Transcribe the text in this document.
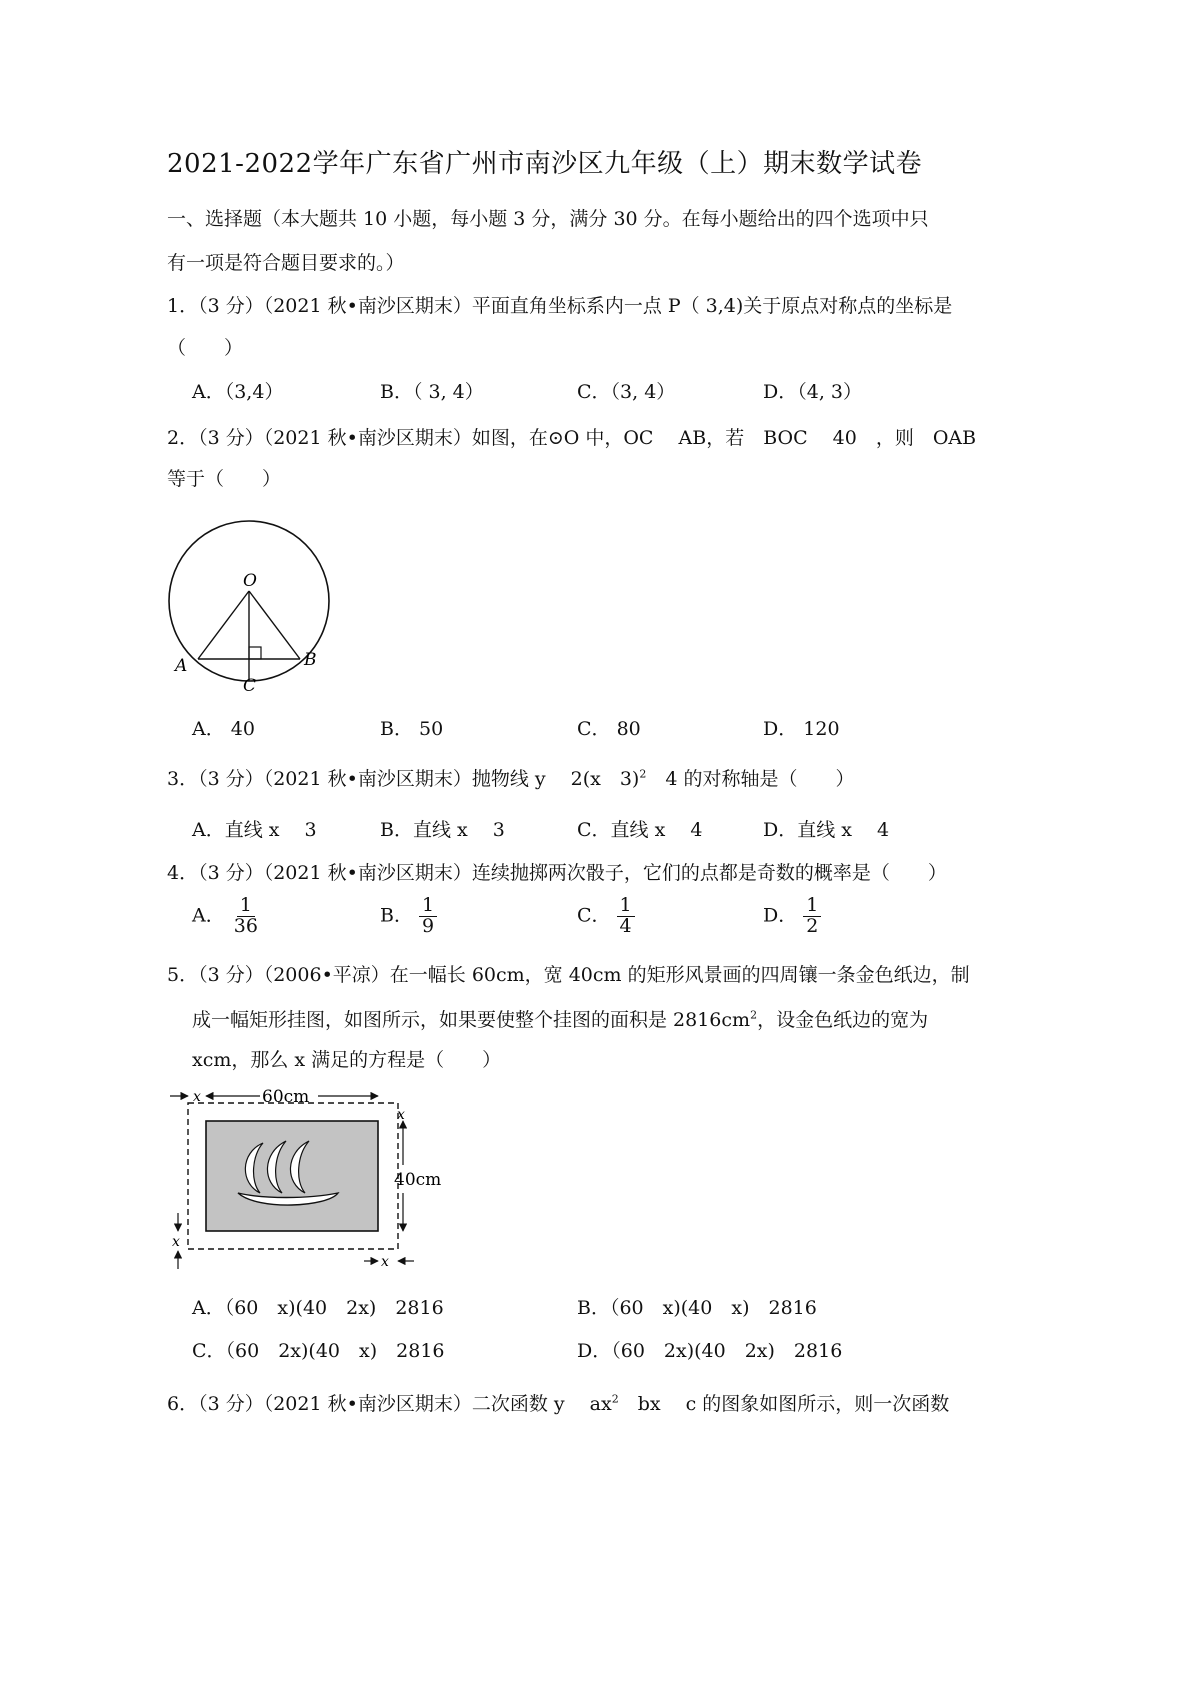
2021-2022学年广东省广州市南沙区九年级（上）期末数学试卷
一、选择题（本大题共 10 小题，每小题 3 分，满分 30 分。在每小题给出的四个选项中只
有一项是符合题目要求的。）
1．（3 分）（2021 秋•南沙区期末）平面直角坐标系内一点 P（ 3,4)关于原点对称点的坐标是
（　　）
A．（3,4）	B．（ 3, 4）	C．（3, 4）	D．（4, 3）
2．（3 分）（2021 秋•南沙区期末）如图，在⊙O 中，OC　 AB，若　BOC　 40　，则　OAB
等于（　　）
O
A	B
C
A． 40	B． 50	C． 80	D． 120
3．（3 分）（2021 秋•南沙区期末）抛物线 y　 2(x　3)$^2$　4 的对称轴是（　　）
A．直线 x　 3	B．直线 x　 3	C．直线 x　 4	D．直线 x　 4
4．（3 分）（2021 秋•南沙区期末）连续抛掷两次骰子，它们的点都是奇数的概率是（　　）
A． $\frac{1}{36}$	B． $\frac{1}{9}$	C． $\frac{1}{4}$	D． $\frac{1}{2}$
5．（3 分）（2006•平凉）在一幅长 60cm，宽 40cm 的矩形风景画的四周镶一条金色纸边，制
成一幅矩形挂图，如图所示，如果要使整个挂图的面积是 $2816cm^2$，设金色纸边的宽为
xcm，那么 x 满足的方程是（　　）
x	60cm
x
40cm
x
x
A．（60　x)(40　2x)　2816	B．（60　x)(40　x)　2816
C．（60　2x)(40　x)　2816	D．（60　2x)(40　2x)　2816
6．（3 分）（2021 秋•南沙区期末）二次函数 y　 $ax^2$　bx　 c 的图象如图所示，则一次函数
